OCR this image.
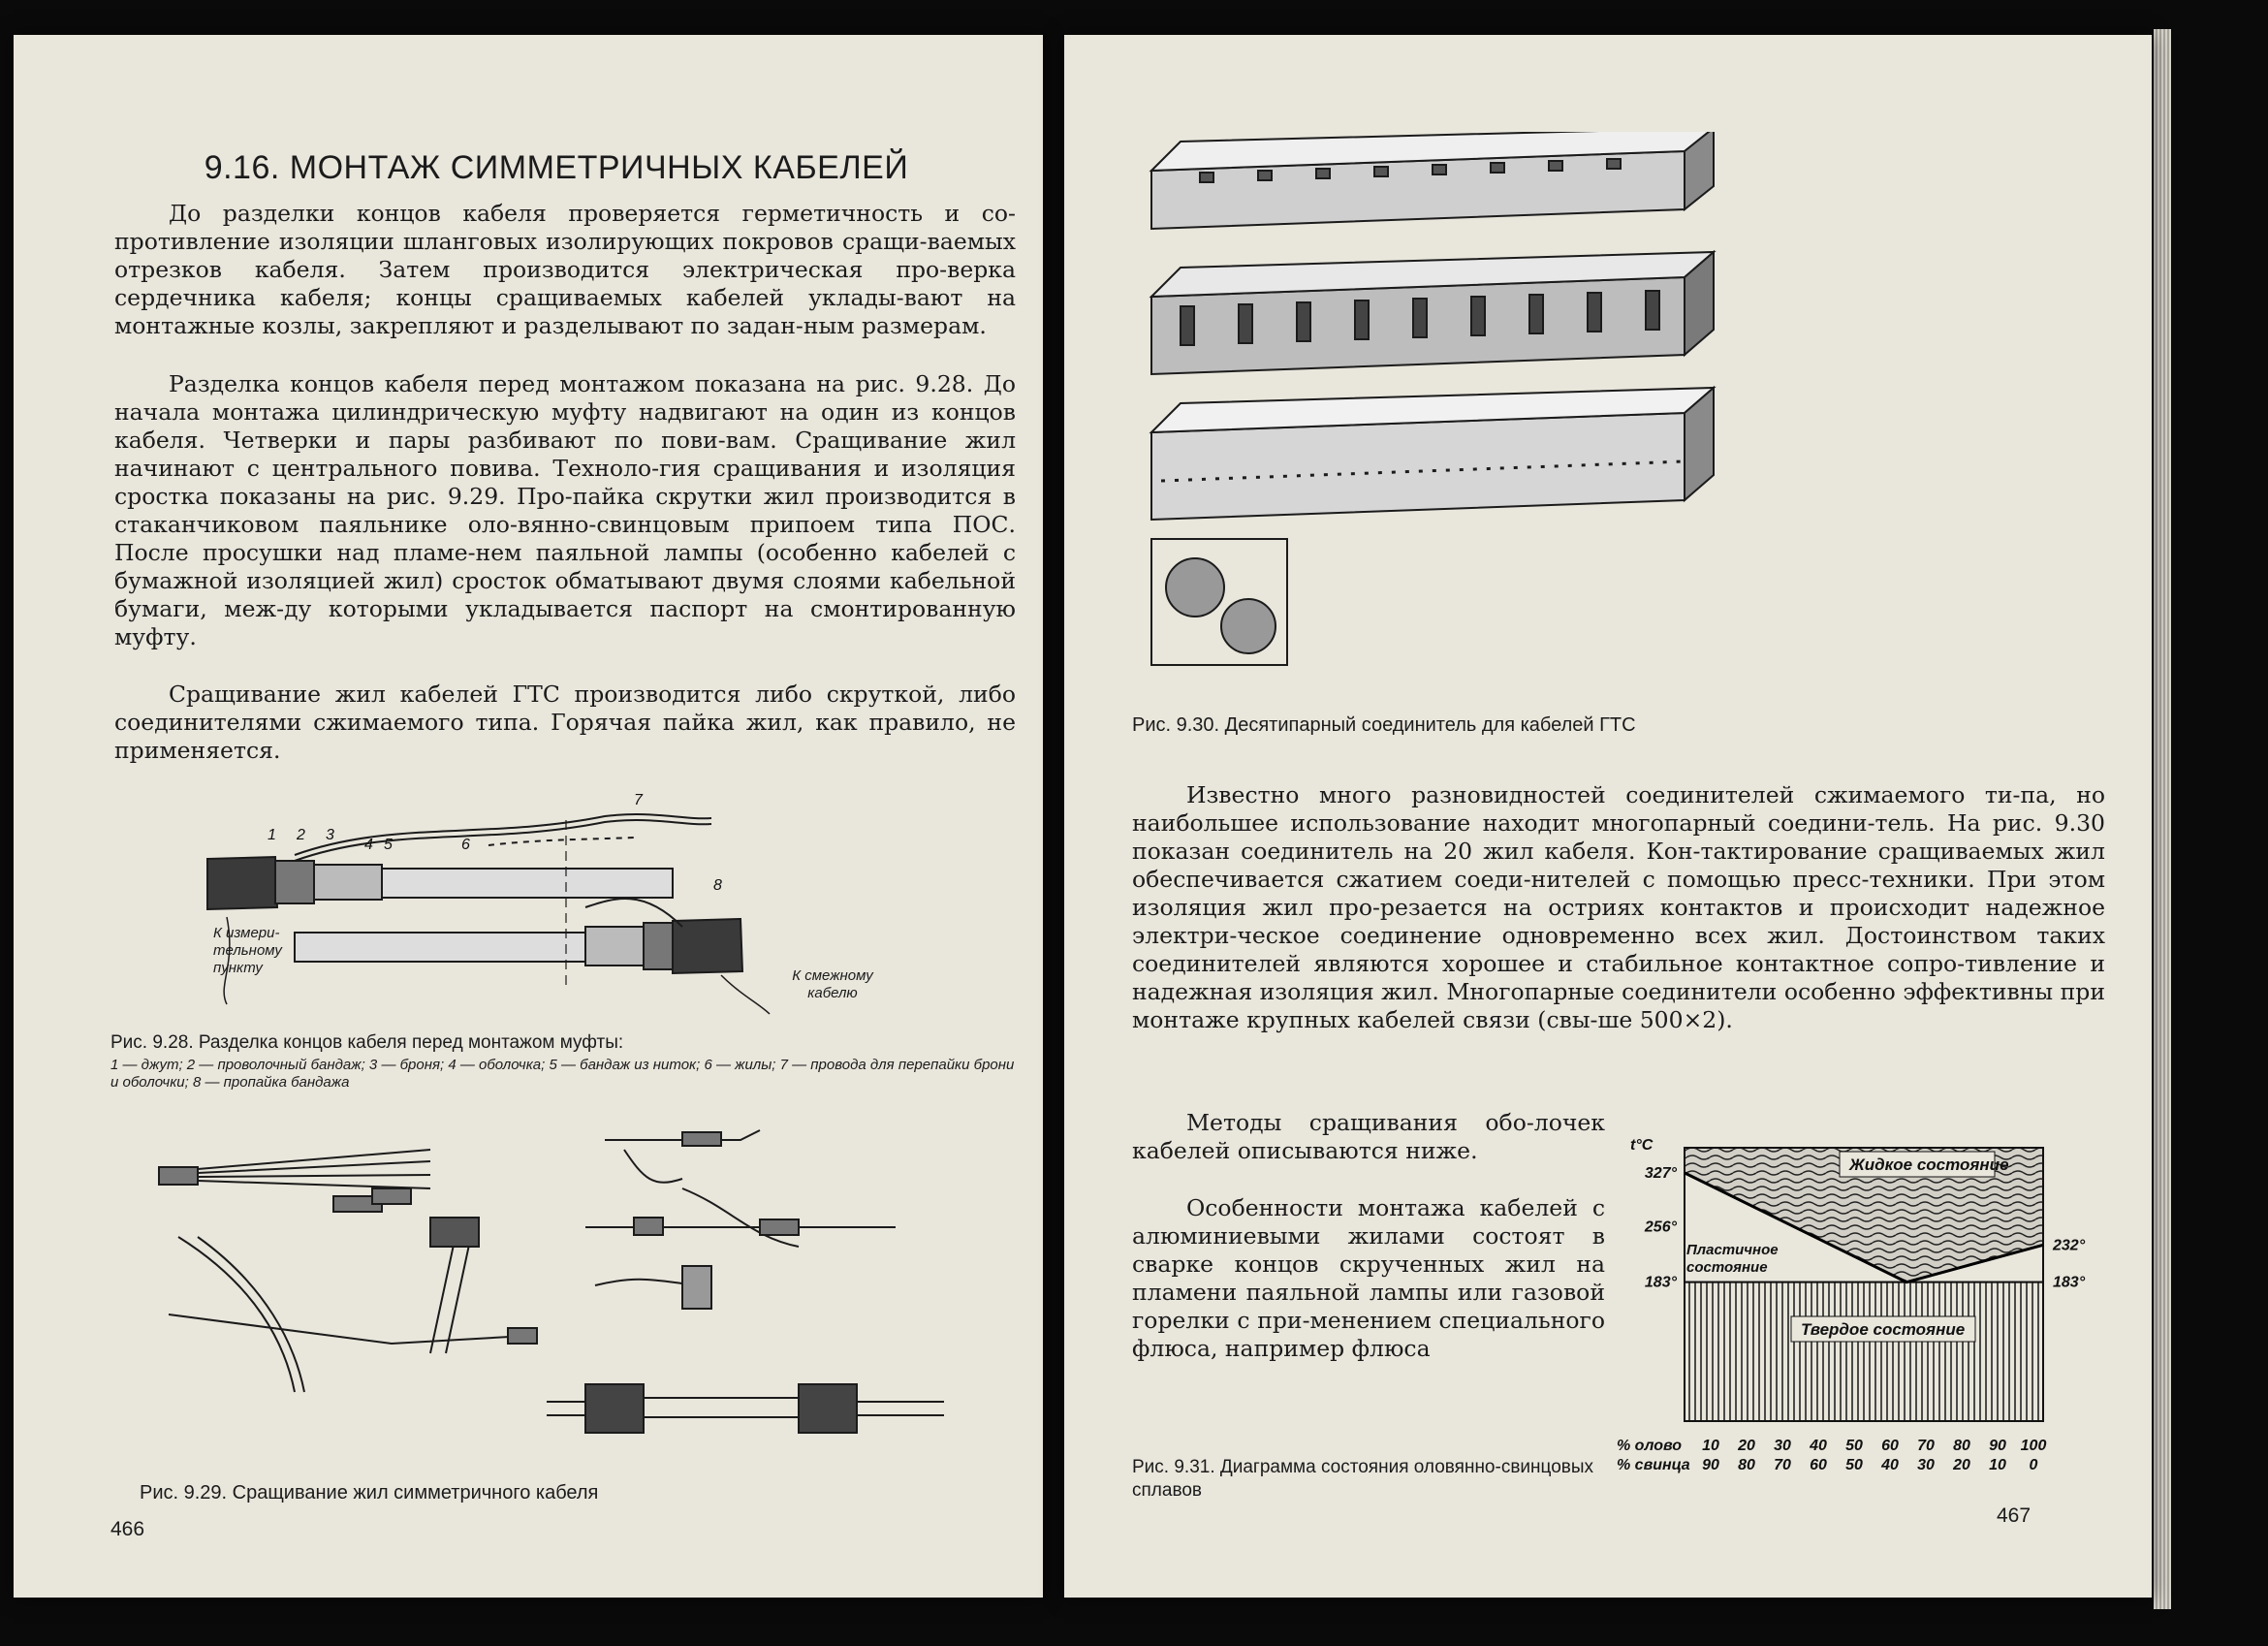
9.16. МОНТАЖ СИММЕТРИЧНЫХ КАБЕЛЕЙ

До разделки концов кабеля проверяется герметичность и со-противление изоляции шланговых изолирующих покровов сращи-ваемых отрезков кабеля. Затем производится электрическая про-верка сердечника кабеля; концы сращиваемых кабелей уклады-вают на монтажные козлы, закрепляют и разделывают по задан-ным размерам.

Разделка концов кабеля перед монтажом показана на рис. 9.28. До начала монтажа цилиндрическую муфту надвигают на один из концов кабеля. Четверки и пары разбивают по пови-вам. Сращивание жил начинают с центрального повива. Техноло-гия сращивания и изоляция сростка показаны на рис. 9.29. Про-пайка скрутки жил производится в стаканчиковом паяльнике оло-вянно-свинцовым припоем типа ПОС. После просушки над пламе-нем паяльной лампы (особенно кабелей с бумажной изоляцией жил) сросток обматывают двумя слоями кабельной бумаги, меж-ду которыми укладывается паспорт на смонтированную муфту.

Сращивание жил кабелей ГТС производится либо скруткой, либо соединителями сжимаемого типа. Горячая пайка жил, как правило, не применяется.

1 2 3
4 5	6
7
8
К измери-тельному пункту	К смежному кабелю

Рис. 9.28. Разделка концов кабеля перед монтажом муфты:

1 — джут; 2 — проволочный бандаж; 3 — броня; 4 — оболочка; 5 — бандаж из ниток; 6 — жилы; 7 — провода для перепайки брони и оболочки; 8 — пропайка бандажа

Рис. 9.29. Сращивание жил симметричного кабеля

466

Рис. 9.30. Десятипарный соединитель для кабелей ГТС

Известно много разновидностей соединителей сжимаемого ти-па, но наибольшее использование находит многопарный соедини-тель. На рис. 9.30 показан соединитель на 20 жил кабеля. Кон-тактирование сращиваемых жил обеспечивается сжатием соеди-нителей с помощью пресс-техники. При этом изоляция жил про-резается на остриях контактов и происходит надежное электри-ческое соединение одновременно всех жил. Достоинством таких соединителей являются хорошее и стабильное контактное сопро-тивление и надежная изоляция жил. Многопарные соединители особенно эффективны при монтаже крупных кабелей связи (свы-ше 500×2).

Методы сращивания обо-лочек кабелей описываются ниже.

Особенности монтажа кабелей с алюминиевыми жилами состоят в сварке концов скрученных жил на пламени паяльной лампы или газовой горелки с при-менением специального флюса, например флюса

t°C
327°
256°
183°
232°
183°
10
90
20
80
30
70
40
60
50
50
60
40
70
30
80
20
90
10
100
0
% олово
% свинца
Жидкое состояние
Пластичное состояние
Твердое состояние

Рис. 9.31. Диаграмма состояния оловянно-свинцовых сплавов

467
